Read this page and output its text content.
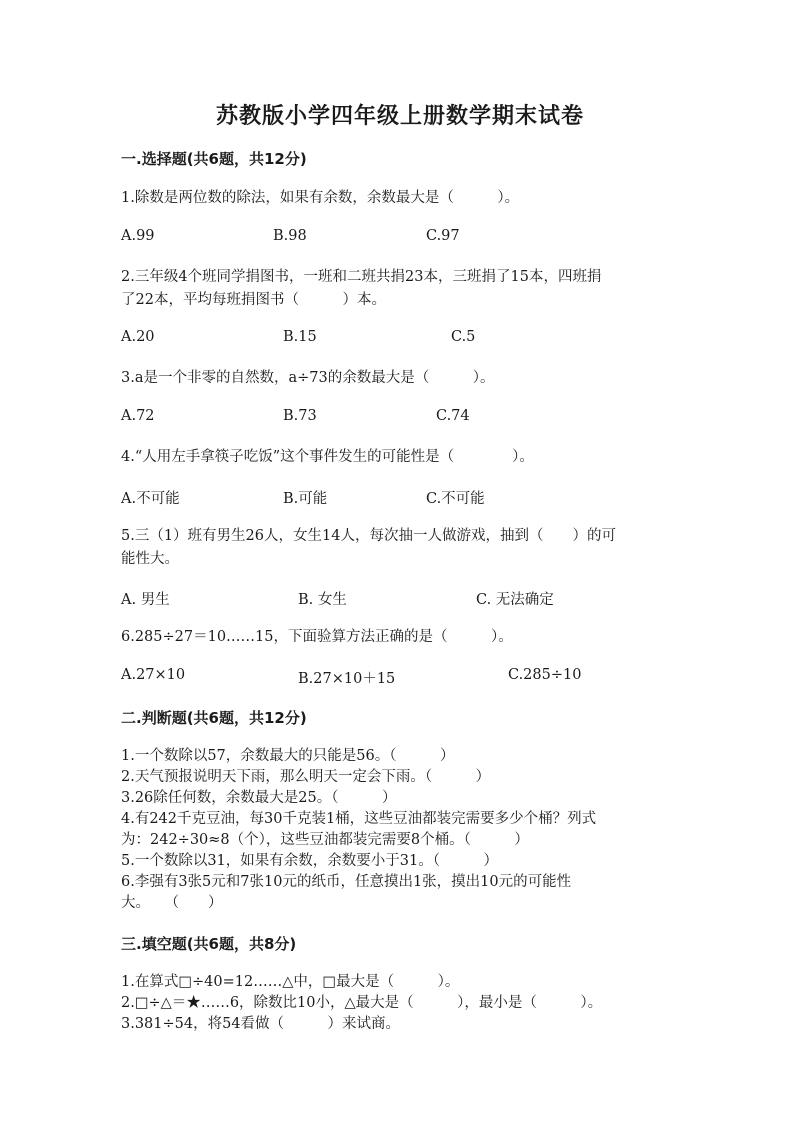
苏教版小学四年级上册数学期末试卷
一.选择题(共6题，共12分)
1.除数是两位数的除法，如果有余数，余数最大是（　　　）。
A.99	B.98	C.97
2.三年级4个班同学捐图书，一班和二班共捐23本，三班捐了15本，四班捐
了22本，平均每班捐图书（　　　）本。
A.20	B.15	C.5
3.a是一个非零的自然数，a÷73的余数最大是（　　　）。
A.72	B.73	C.74
4.“人用左手拿筷子吃饭”这个事件发生的可能性是（　　　　）。
A.不可能	B.可能	C.不可能
5.三（1）班有男生26人，女生14人，每次抽一人做游戏，抽到（　　）的可
能性大。
A. 男生	B. 女生	C. 无法确定
6.285÷27＝10……15，下面验算方法正确的是（　　　）。
A.27×10	B.27×10＋15	C.285÷10
二.判断题(共6题，共12分)
1.一个数除以57，余数最大的只能是56。（　　　）
2.天气预报说明天下雨，那么明天一定会下雨。（　　　）
3.26除任何数，余数最大是25。（　　　）
4.有242千克豆油，每30千克装1桶，这些豆油都装完需要多少个桶？列式
为：242÷30≈8（个），这些豆油都装完需要8个桶。（　　　）
5.一个数除以31，如果有余数，余数要小于31。（　　　）
6.李强有3张5元和7张10元的纸币，任意摸出1张，摸出10元的可能性
大。　　（　　）
三.填空题(共6题，共8分)
1.在算式□÷40=12……△中，□最大是（　　　）。
2.□÷△＝★……6，除数比10小，△最大是（　　　），最小是（　　　）。
3.381÷54，将54看做（　　　）来试商。
